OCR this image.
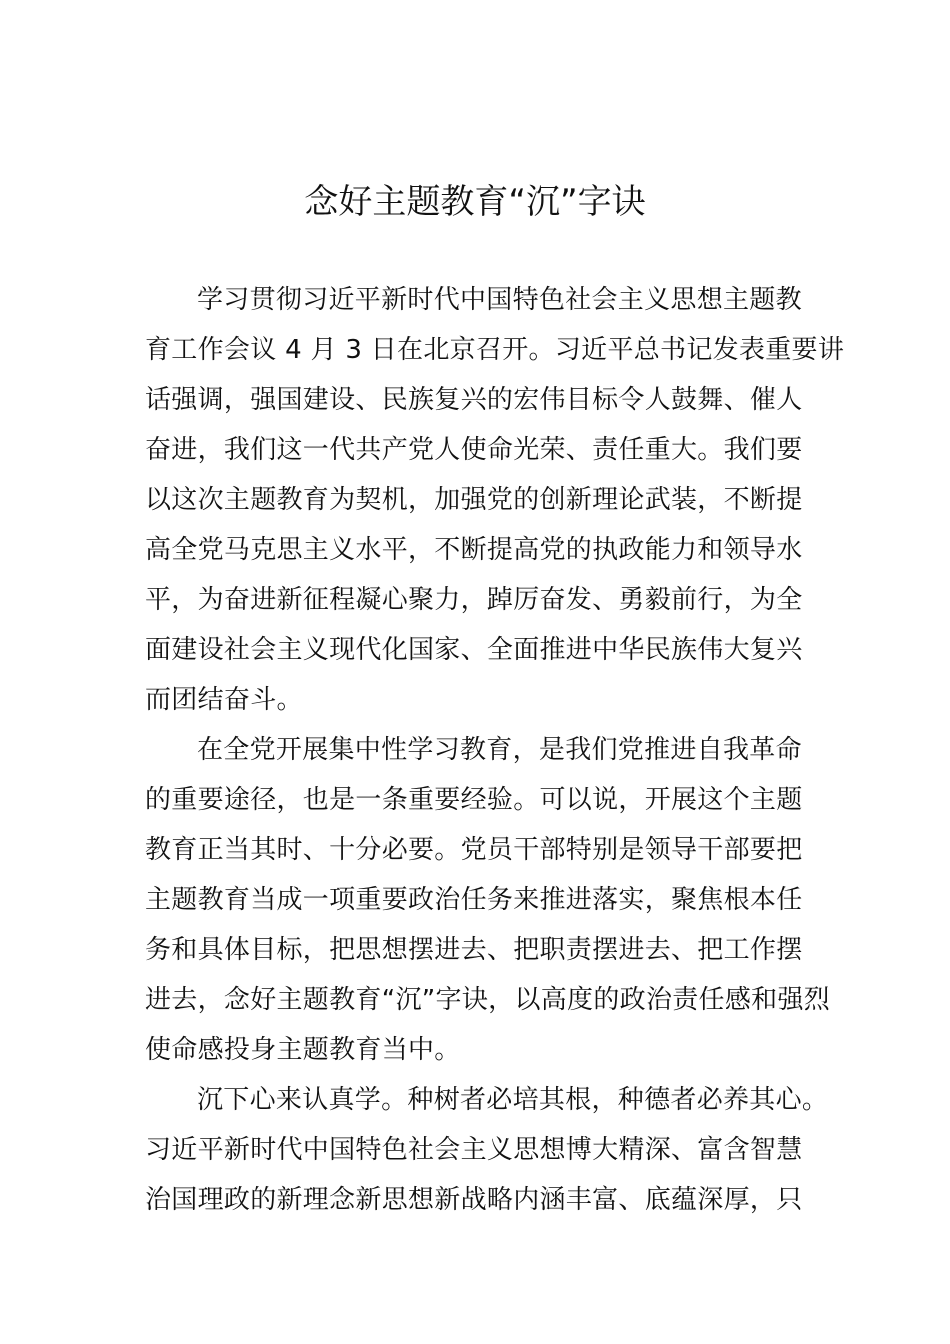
念好主题教育“沉”字诀
学习贯彻习近平新时代中国特色社会主义思想主题教
育工作会议 4 月 3 日在北京召开。习近平总书记发表重要讲
话强调，强国建设、民族复兴的宏伟目标令人鼓舞、催人
奋进，我们这一代共产党人使命光荣、责任重大。我们要
以这次主题教育为契机，加强党的创新理论武装，不断提
高全党马克思主义水平，不断提高党的执政能力和领导水
平，为奋进新征程凝心聚力，踔厉奋发、勇毅前行，为全
面建设社会主义现代化国家、全面推进中华民族伟大复兴
而团结奋斗。
在全党开展集中性学习教育，是我们党推进自我革命
的重要途径，也是一条重要经验。可以说，开展这个主题
教育正当其时、十分必要。党员干部特别是领导干部要把
主题教育当成一项重要政治任务来推进落实，聚焦根本任
务和具体目标，把思想摆进去、把职责摆进去、把工作摆
进去，念好主题教育“沉”字诀，以高度的政治责任感和强烈
使命感投身主题教育当中。
沉下心来认真学。种树者必培其根，种德者必养其心。
习近平新时代中国特色社会主义思想博大精深、富含智慧
治国理政的新理念新思想新战略内涵丰富、底蕴深厚，只
